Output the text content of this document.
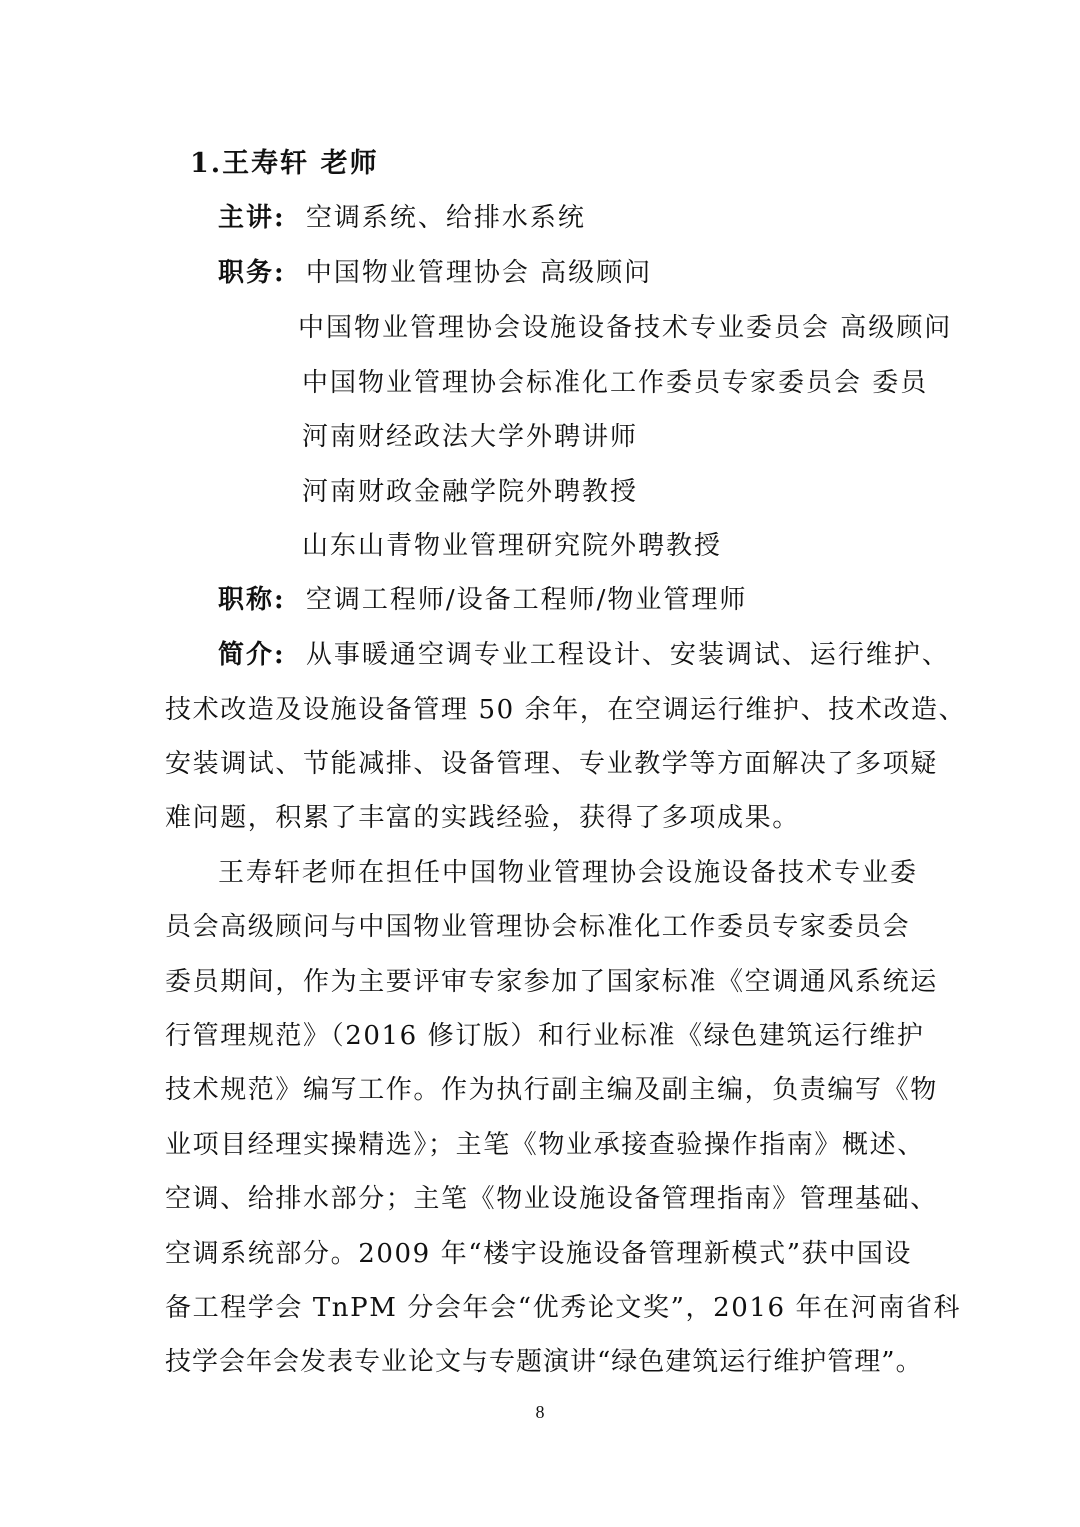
1.王寿轩 老师
主讲: 空调系统、给排水系统
职务: 中国物业管理协会 高级顾问
中国物业管理协会设施设备技术专业委员会 高级顾问
中国物业管理协会标准化工作委员专家委员会 委员
河南财经政法大学外聘讲师
河南财政金融学院外聘教授
山东山青物业管理研究院外聘教授
职称: 空调工程师/设备工程师/物业管理师
简介: 从事暖通空调专业工程设计、安装调试、运行维护、
技术改造及设施设备管理 50 余年，在空调运行维护、技术改造、
安装调试、节能减排、设备管理、专业教学等方面解决了多项疑
难问题，积累了丰富的实践经验，获得了多项成果。
王寿轩老师在担任中国物业管理协会设施设备技术专业委
员会高级顾问与中国物业管理协会标准化工作委员专家委员会
委员期间，作为主要评审专家参加了国家标准《空调通风系统运
行管理规范》（2016 修订版）和行业标准《绿色建筑运行维护
技术规范》编写工作。作为执行副主编及副主编，负责编写《物
业项目经理实操精选》；主笔《物业承接查验操作指南》概述、
空调、给排水部分；主笔《物业设施设备管理指南》管理基础、
空调系统部分。2009 年“楼宇设施设备管理新模式”获中国设
备工程学会 TnPM 分会年会“优秀论文奖”，2016 年在河南省科
技学会年会发表专业论文与专题演讲“绿色建筑运行维护管理”。
8
